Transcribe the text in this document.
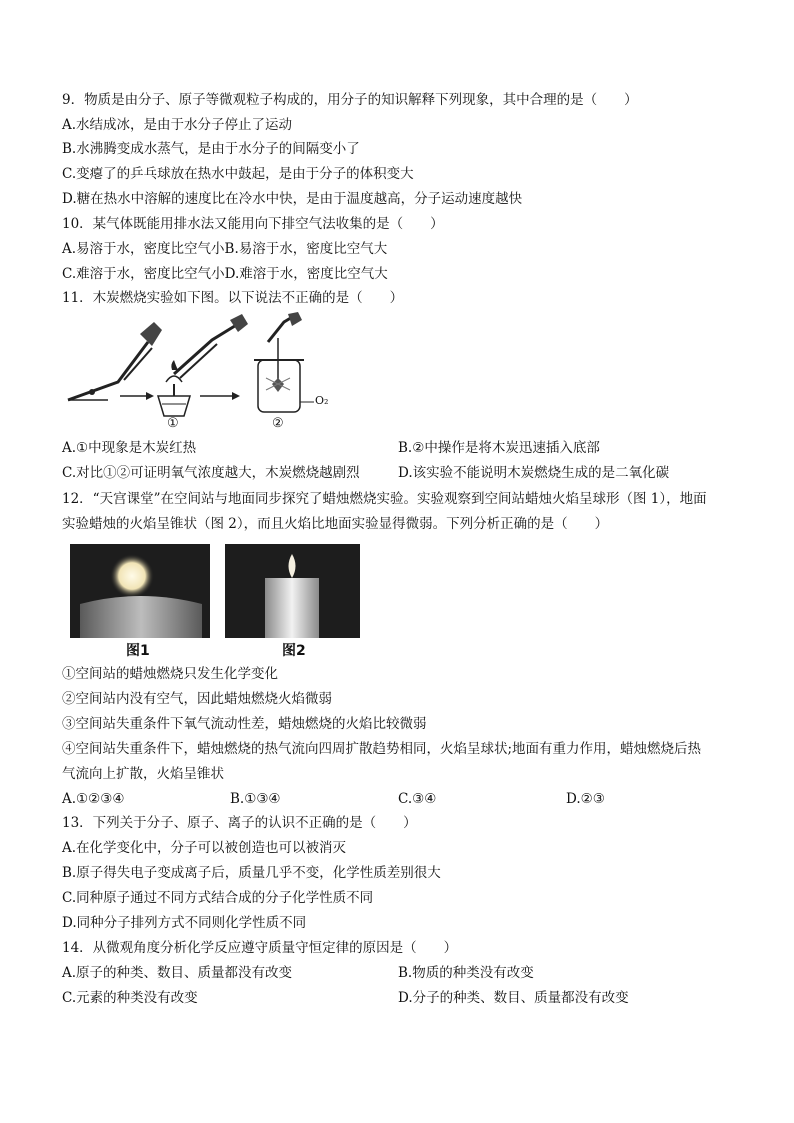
9．物质是由分子、原子等微观粒子构成的，用分子的知识解释下列现象，其中合理的是（　　）
A.水结成冰，是由于水分子停止了运动
B.水沸腾变成水蒸气，是由于水分子的间隔变小了
C.变瘪了的乒乓球放在热水中鼓起，是由于分子的体积变大
D.糖在热水中溶解的速度比在冷水中快，是由于温度越高，分子运动速度越快
10．某气体既能用排水法又能用向下排空气法收集的是（　　）
A.易溶于水，密度比空气小B.易溶于水，密度比空气大
C.难溶于水，密度比空气小D.难溶于水，密度比空气大
11．木炭燃烧实验如下图。以下说法不正确的是（　　）
①	②
O₂
A.①中现象是木炭红热	B.②中操作是将木炭迅速插入底部
C.对比①②可证明氧气浓度越大，木炭燃烧越剧烈	D.该实验不能说明木炭燃烧生成的是二氧化碳
12．“天宫课堂”在空间站与地面同步探究了蜡烛燃烧实验。实验观察到空间站蜡烛火焰呈球形（图 1），地面
实验蜡烛的火焰呈锥状（图 2），而且火焰比地面实验显得微弱。下列分析正确的是（　　）
图1	图2
①空间站的蜡烛燃烧只发生化学变化
②空间站内没有空气，因此蜡烛燃烧火焰微弱
③空间站失重条件下氧气流动性差，蜡烛燃烧的火焰比较微弱
④空间站失重条件下，蜡烛燃烧的热气流向四周扩散趋势相同，火焰呈球状;地面有重力作用，蜡烛燃烧后热
气流向上扩散，火焰呈锥状
A.①②③④	B.①③④	C.③④	D.②③
13．下列关于分子、原子、离子的认识不正确的是（　　）
A.在化学变化中，分子可以被创造也可以被消灭
B.原子得失电子变成离子后，质量几乎不变，化学性质差别很大
C.同种原子通过不同方式结合成的分子化学性质不同
D.同种分子排列方式不同则化学性质不同
14．从微观角度分析化学反应遵守质量守恒定律的原因是（　　）
A.原子的种类、数目、质量都没有改变	B.物质的种类没有改变
C.元素的种类没有改变	D.分子的种类、数目、质量都没有改变
